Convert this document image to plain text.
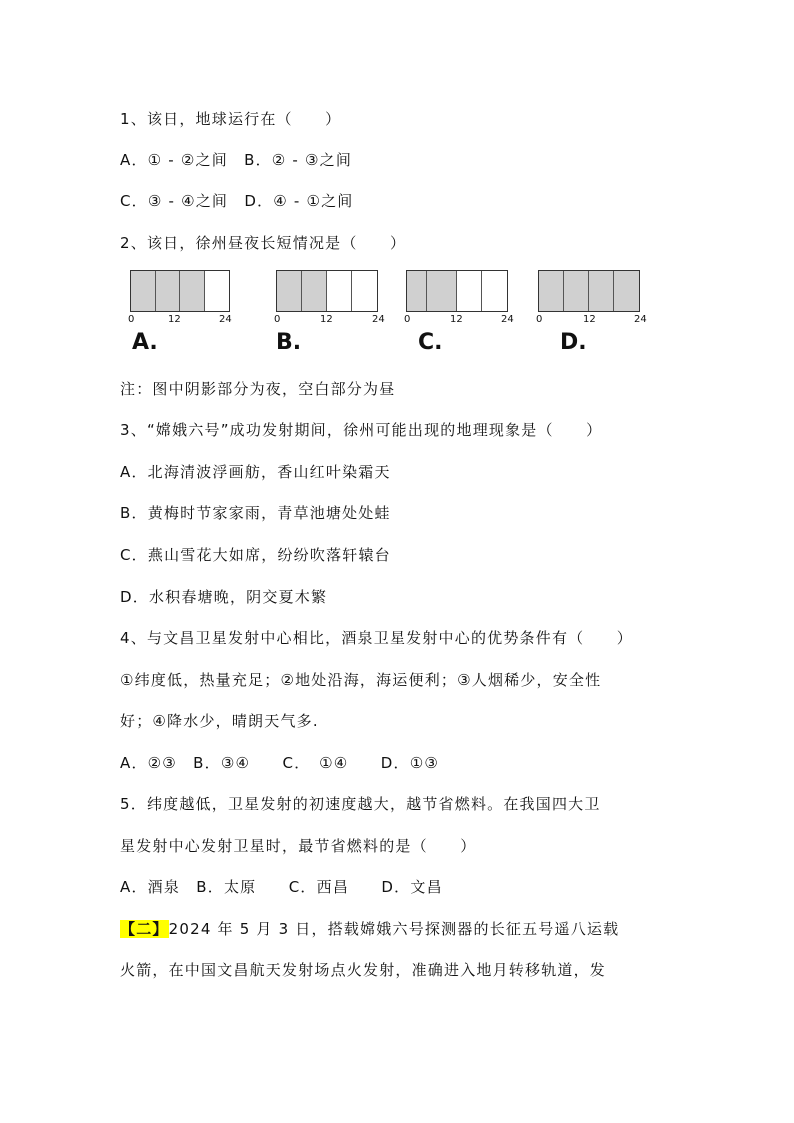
1、该日，地球运行在（　　）
A．① - ②之间　B．② - ③之间
C．③ - ④之间　D．④ - ①之间
2、该日，徐州昼夜长短情况是（　　）
0	12	24
A.
0	12	24
B.
0	12	24
C.
0	12	24
D.
注：图中阴影部分为夜，空白部分为昼
3、“嫦娥六号”成功发射期间，徐州可能出现的地理现象是（　　）
A．北海清波浮画舫，香山红叶染霜天
B．黄梅时节家家雨，青草池塘处处蛙
C．燕山雪花大如席，纷纷吹落轩辕台
D．水积春塘晚，阴交夏木繁
4、与文昌卫星发射中心相比，酒泉卫星发射中心的优势条件有（　　）
①纬度低，热量充足；②地处沿海，海运便利；③人烟稀少，安全性
好；④降水少，晴朗天气多.
A．②③　B．③④　　C．　①④　　D．①③
5．纬度越低，卫星发射的初速度越大，越节省燃料。在我国四大卫
星发射中心发射卫星时，最节省燃料的是（　　）
A．酒泉　B．太原　　C．西昌　　D．文昌
【二】2024 年 5 月 3 日，搭载嫦娥六号探测器的长征五号遥八运载
火箭，在中国文昌航天发射场点火发射，准确进入地月转移轨道，发
